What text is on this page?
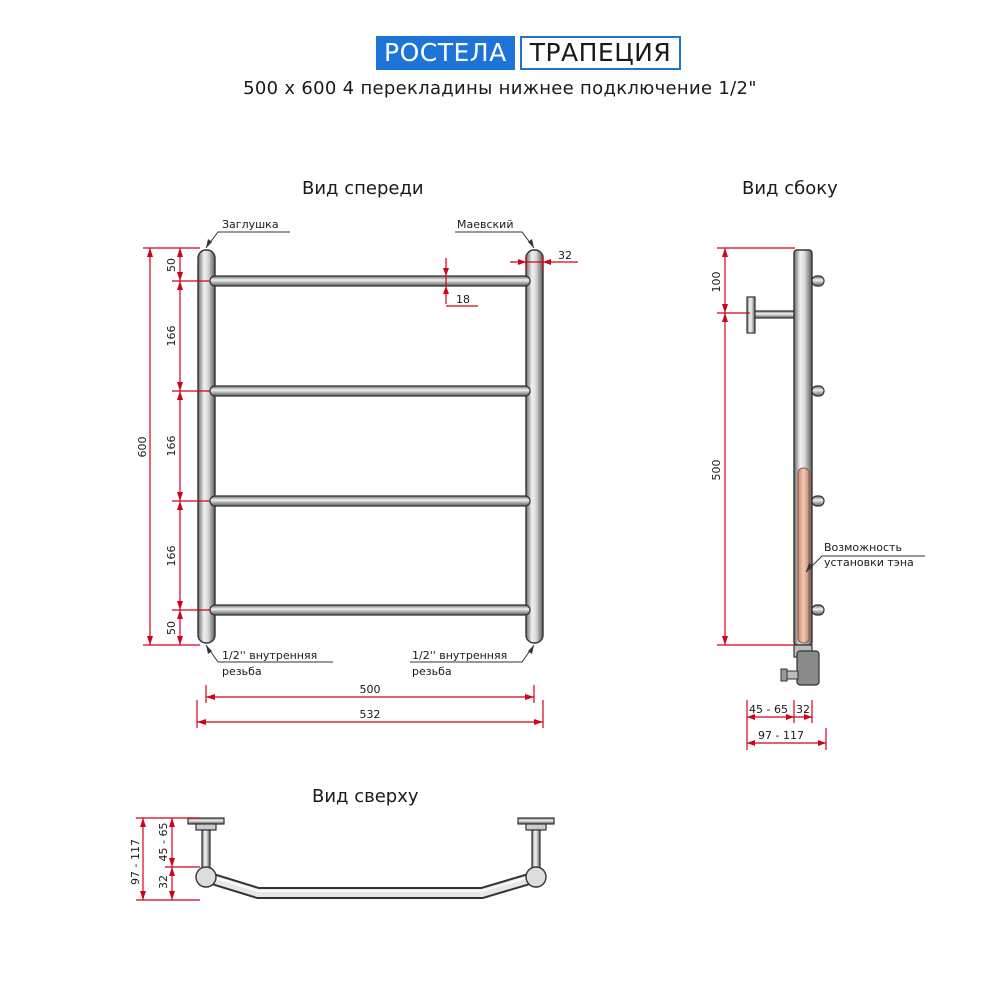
РОСТЕЛА ТРАПЕЦИЯ
500 х 600 4 перекладины нижнее подключение 1/2"
Вид спереди	Вид сбоку
Вид сверху
600
50
166
166
166
50
18
32
Заглушка	Маевский
1/2'' внутренняя
резьба
1/2'' внутренняя
резьба
500
532
100
500
Возможность
установки тэна
45 - 65 32
97 - 117
97 - 117 32
45 - 65
